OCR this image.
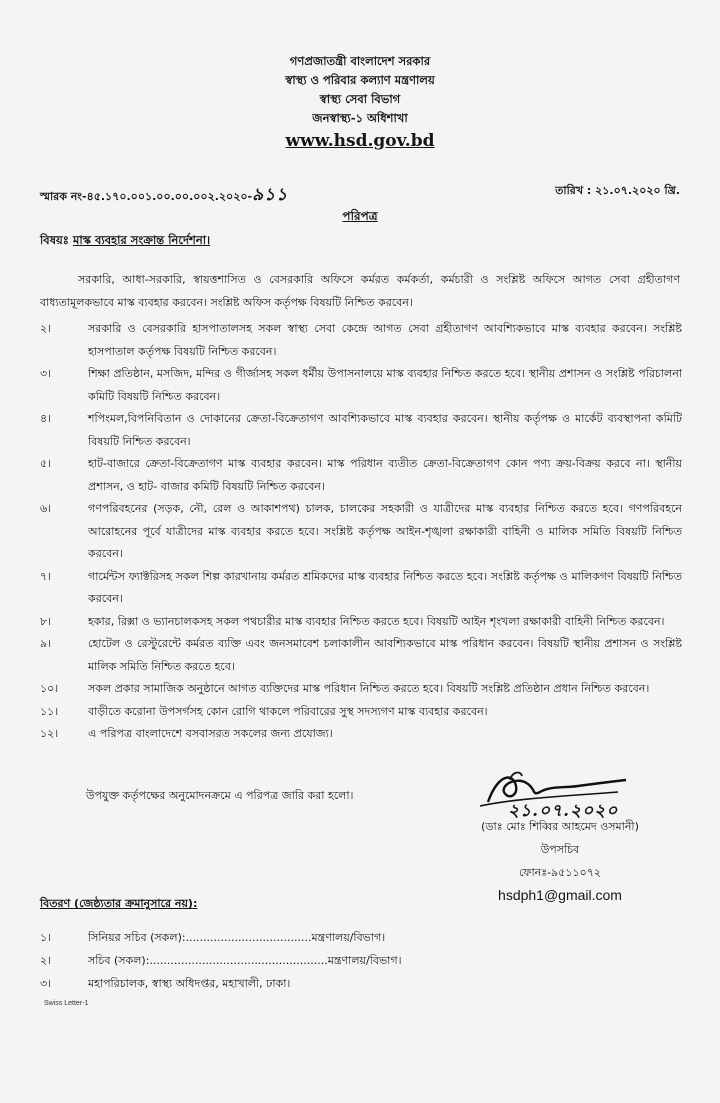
গণপ্রজাতন্ত্রী বাংলাদেশ সরকার
স্বাস্থ্য ও পরিবার কল্যাণ মন্ত্রণালয়
স্বাস্থ্য সেবা বিভাগ
জনস্বাস্থ্য-১ অধিশাখা
www.hsd.gov.bd
স্মারক নং-৪৫.১৭০.০০১.০০.০০.০০২.২০২০-৯১১	তারিখ : ২১.০৭.২০২০ খ্রি.
পরিপত্র
বিষয়ঃ মাস্ক ব্যবহার সংক্রান্ত নির্দেশনা।
সরকারি, আধা-সরকারি, স্বায়ত্তশাসিত ও বেসরকারি অফিসে কর্মরত কর্মকর্তা, কর্মচারী ও সংশ্লিষ্ট অফিসে আগত সেবা গ্রহীতাগণ বাধ্যতামূলকভাবে মাস্ক ব্যবহার করবেন। সংশ্লিষ্ট অফিস কর্তৃপক্ষ বিষয়টি নিশ্চিত করবেন।
২।	সরকারি ও বেসরকারি হাসপাতালসহ সকল স্বাস্থ্য সেবা কেন্দ্রে আগত সেবা গ্রহীতাগণ আবশ্যিকভাবে মাস্ক ব্যবহার করবেন। সংশ্লিষ্ট হাসপাতাল কর্তৃপক্ষ বিষয়টি নিশ্চিত করবেন।
৩।	শিক্ষা প্রতিষ্ঠান, মসজিদ, মন্দির ও গীর্জাসহ সকল ধর্মীয় উপাসনালয়ে মাস্ক ব্যবহার নিশ্চিত করতে হবে। স্থানীয় প্রশাসন ও সংশ্লিষ্ট পরিচালনা কমিটি বিষয়টি নিশ্চিত করবেন।
৪।	শপিংমল,বিপনিবিতান ও দোকানের ক্রেতা-বিক্রেতাগণ আবশ্যিকভাবে মাস্ক ব্যবহার করবেন। স্থানীয় কর্তৃপক্ষ ও মার্কেট ব্যবস্থাপনা কমিটি বিষয়টি নিশ্চিত করবেন।
৫।	হাট-বাজারে ক্রেতা-বিক্রেতাগণ মাস্ক ব্যবহার করবেন। মাস্ক পরিধান ব্যতীত ক্রেতা-বিক্রেতাগণ কোন পণ্য ক্রয়-বিক্রয় করবে না। স্থানীয় প্রশাসন, ও হাট- বাজার কমিটি বিষয়টি নিশ্চিত করবেন।
৬।	গণপরিবহনের (সড়ক, নৌ, রেল ও আকাশপথ) চালক, চালকের সহকারী ও যাত্রীদের মাস্ক ব্যবহার নিশ্চিত করতে হবে। গণপরিবহনে আরোহনের পূর্বে যাত্রীদের মাস্ক ব্যবহার করতে হবে। সংশ্লিষ্ট কর্তৃপক্ষ আইন-শৃঙ্খলা রক্ষাকারী বাহিনী ও মালিক সমিতি বিষয়টি নিশ্চিত করবেন।
৭।	গার্মেন্টস ফ্যাক্টরিসহ সকল শিল্প কারখানায় কর্মরত শ্রমিকদের মাস্ক ব্যবহার নিশ্চিত করতে হবে। সংশ্লিষ্ট কর্তৃপক্ষ ও মালিকগণ বিষয়টি নিশ্চিত করবেন।
৮।	হকার, রিক্সা ও ভ্যানচালকসহ সকল পথচারীর মাস্ক ব্যবহার নিশ্চিত করতে হবে। বিষয়টি আইন শৃংখলা রক্ষাকারী বাহিনী নিশ্চিত করবেন।
৯।	হোটেল ও রেস্টুরেন্টে কর্মরত ব্যক্তি এবং জনসমাবেশ চলাকালীন আবশ্যিকভাবে মাস্ক পরিধান করবেন। বিষয়টি স্থানীয় প্রশাসন ও সংশ্লিষ্ট মালিক সমিতি নিশ্চিত করতে হবে।
১০।	সকল প্রকার সামাজিক অনুষ্ঠানে আগত ব্যক্তিদের মাস্ক পরিধান নিশ্চিত করতে হবে। বিষয়টি সংশ্লিষ্ট প্রতিষ্ঠান প্রধান নিশ্চিত করবেন।
১১।	বাড়ীতে করোনা উপসর্গসহ কোন রোগি থাকলে পরিবারের সুস্থ সদস্যগণ মাস্ক ব্যবহার করবেন।
১২।	এ পরিপত্র বাংলাদেশে বসবাসরত সকলের জন্য প্রযোজ্য।
উপযুক্ত কর্তৃপক্ষের অনুমোদনক্রমে এ পরিপত্র জারি করা হলো।
২১.০৭.২০২০
(ডাঃ মোঃ শিব্বির আহমেদ ওসমানী)
উপসচিব
ফোনঃ-৯৫১১০৭২
hsdph1@gmail.com
বিতরণ (জেষ্ঠ্যতার ক্রমানুসারে নয়):
১।	সিনিয়র সচিব (সকল):....................................মন্ত্রণালয়/বিভাগ।
২।	সচিব (সকল):...................................................মন্ত্রণালয়/বিভাগ।
৩।	মহাপরিচালক, স্বাস্থ্য অধিদপ্তর, মহাখালী, ঢাকা।
Swiss Letter-1
